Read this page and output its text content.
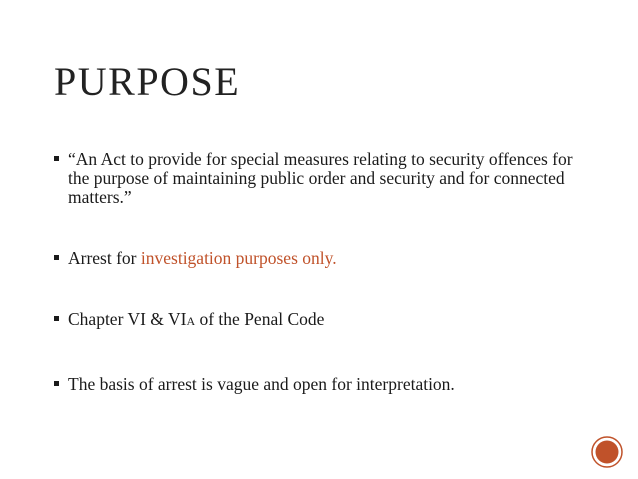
PURPOSE
“An Act to provide for special measures relating to security offences for the purpose of maintaining public order and security and for connected matters.”
Arrest for investigation purposes only.
Chapter VI & VIA of the Penal Code
The basis of arrest is vague and open for interpretation.
